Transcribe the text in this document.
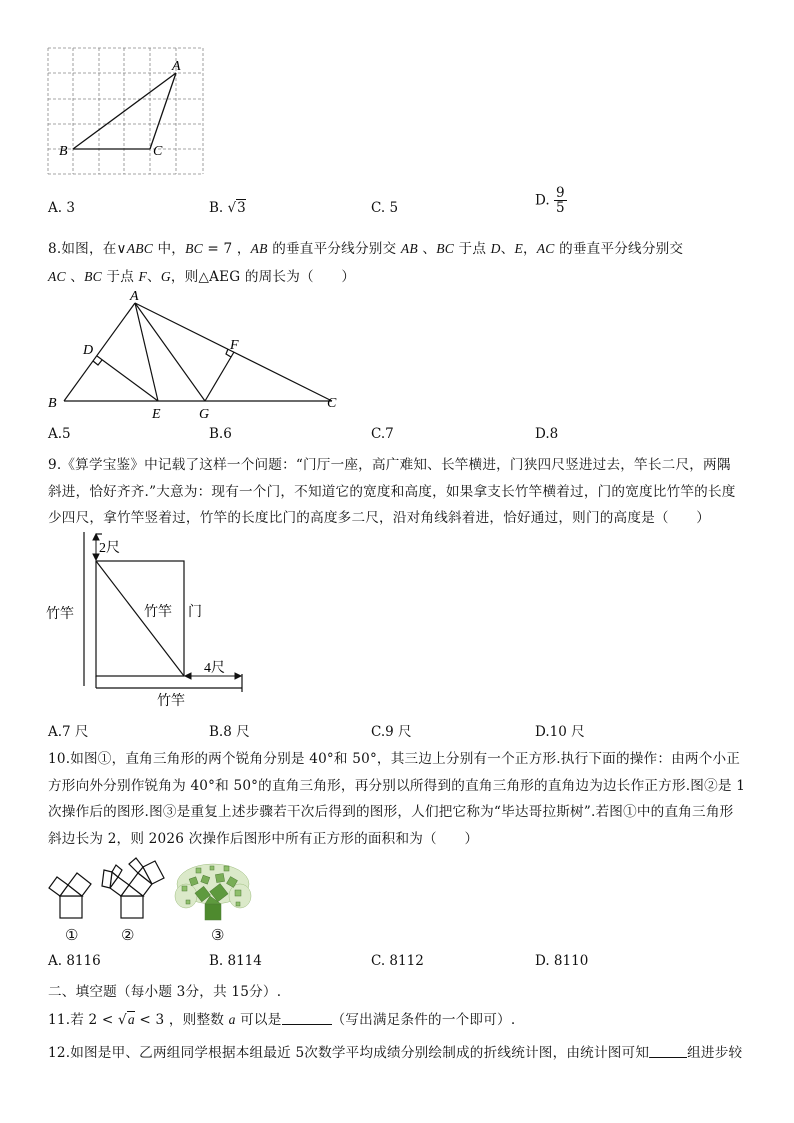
A
B	C
A. 3	B. √3	C. 5	D. $\frac{9}{5}$
8.如图，在∨ABC 中，BC = 7 ，AB 的垂直平分线分别交 AB 、BC 于点 D、E，AC 的垂直平分线分别交
AC 、BC 于点 F、G，则△AEG 的周长为（　　）
A
B	C
D
E
F
G
A.5	B.6	C.7	D.8
9.《算学宝鉴》中记载了这样一个问题：“门厅一座，高广难知、长竿横进，门狭四尺竖进过去，竿长二尺，两隅
斜进，恰好齐齐.”大意为：现有一个门，不知道它的宽度和高度，如果拿支长竹竿横着过，门的宽度比竹竿的长度
少四尺，拿竹竿竖着过，竹竿的长度比门的高度多二尺，沿对角线斜着进，恰好通过，则门的高度是（　　）
2尺
竹竿	竹竿 门
4尺
竹竿
A.7 尺	B.8 尺	C.9 尺	D.10 尺
10.如图①，直角三角形的两个锐角分别是 40°和 50°，其三边上分别有一个正方形.执行下面的操作：由两个小正
方形向外分别作锐角为 40°和 50°的直角三角形，再分别以所得到的直角三角形的直角边为边长作正方形.图②是 1
次操作后的图形.图③是重复上述步骤若干次后得到的图形，人们把它称为“毕达哥拉斯树”.若图①中的直角三角形
斜边长为 2，则 2026 次操作后图形中所有正方形的面积和为（　　）
①	②	③
A. 8116	B. 8114	C. 8112	D. 8110
二、填空题（每小题 3分，共 15分）.
11.若 2 < √a < 3 ，则整数 a 可以是	（写出满足条件的一个即可）.
12.如图是甲、乙两组同学根据本组最近 5次数学平均成绩分别绘制成的折线统计图，由统计图可知	组进步较
